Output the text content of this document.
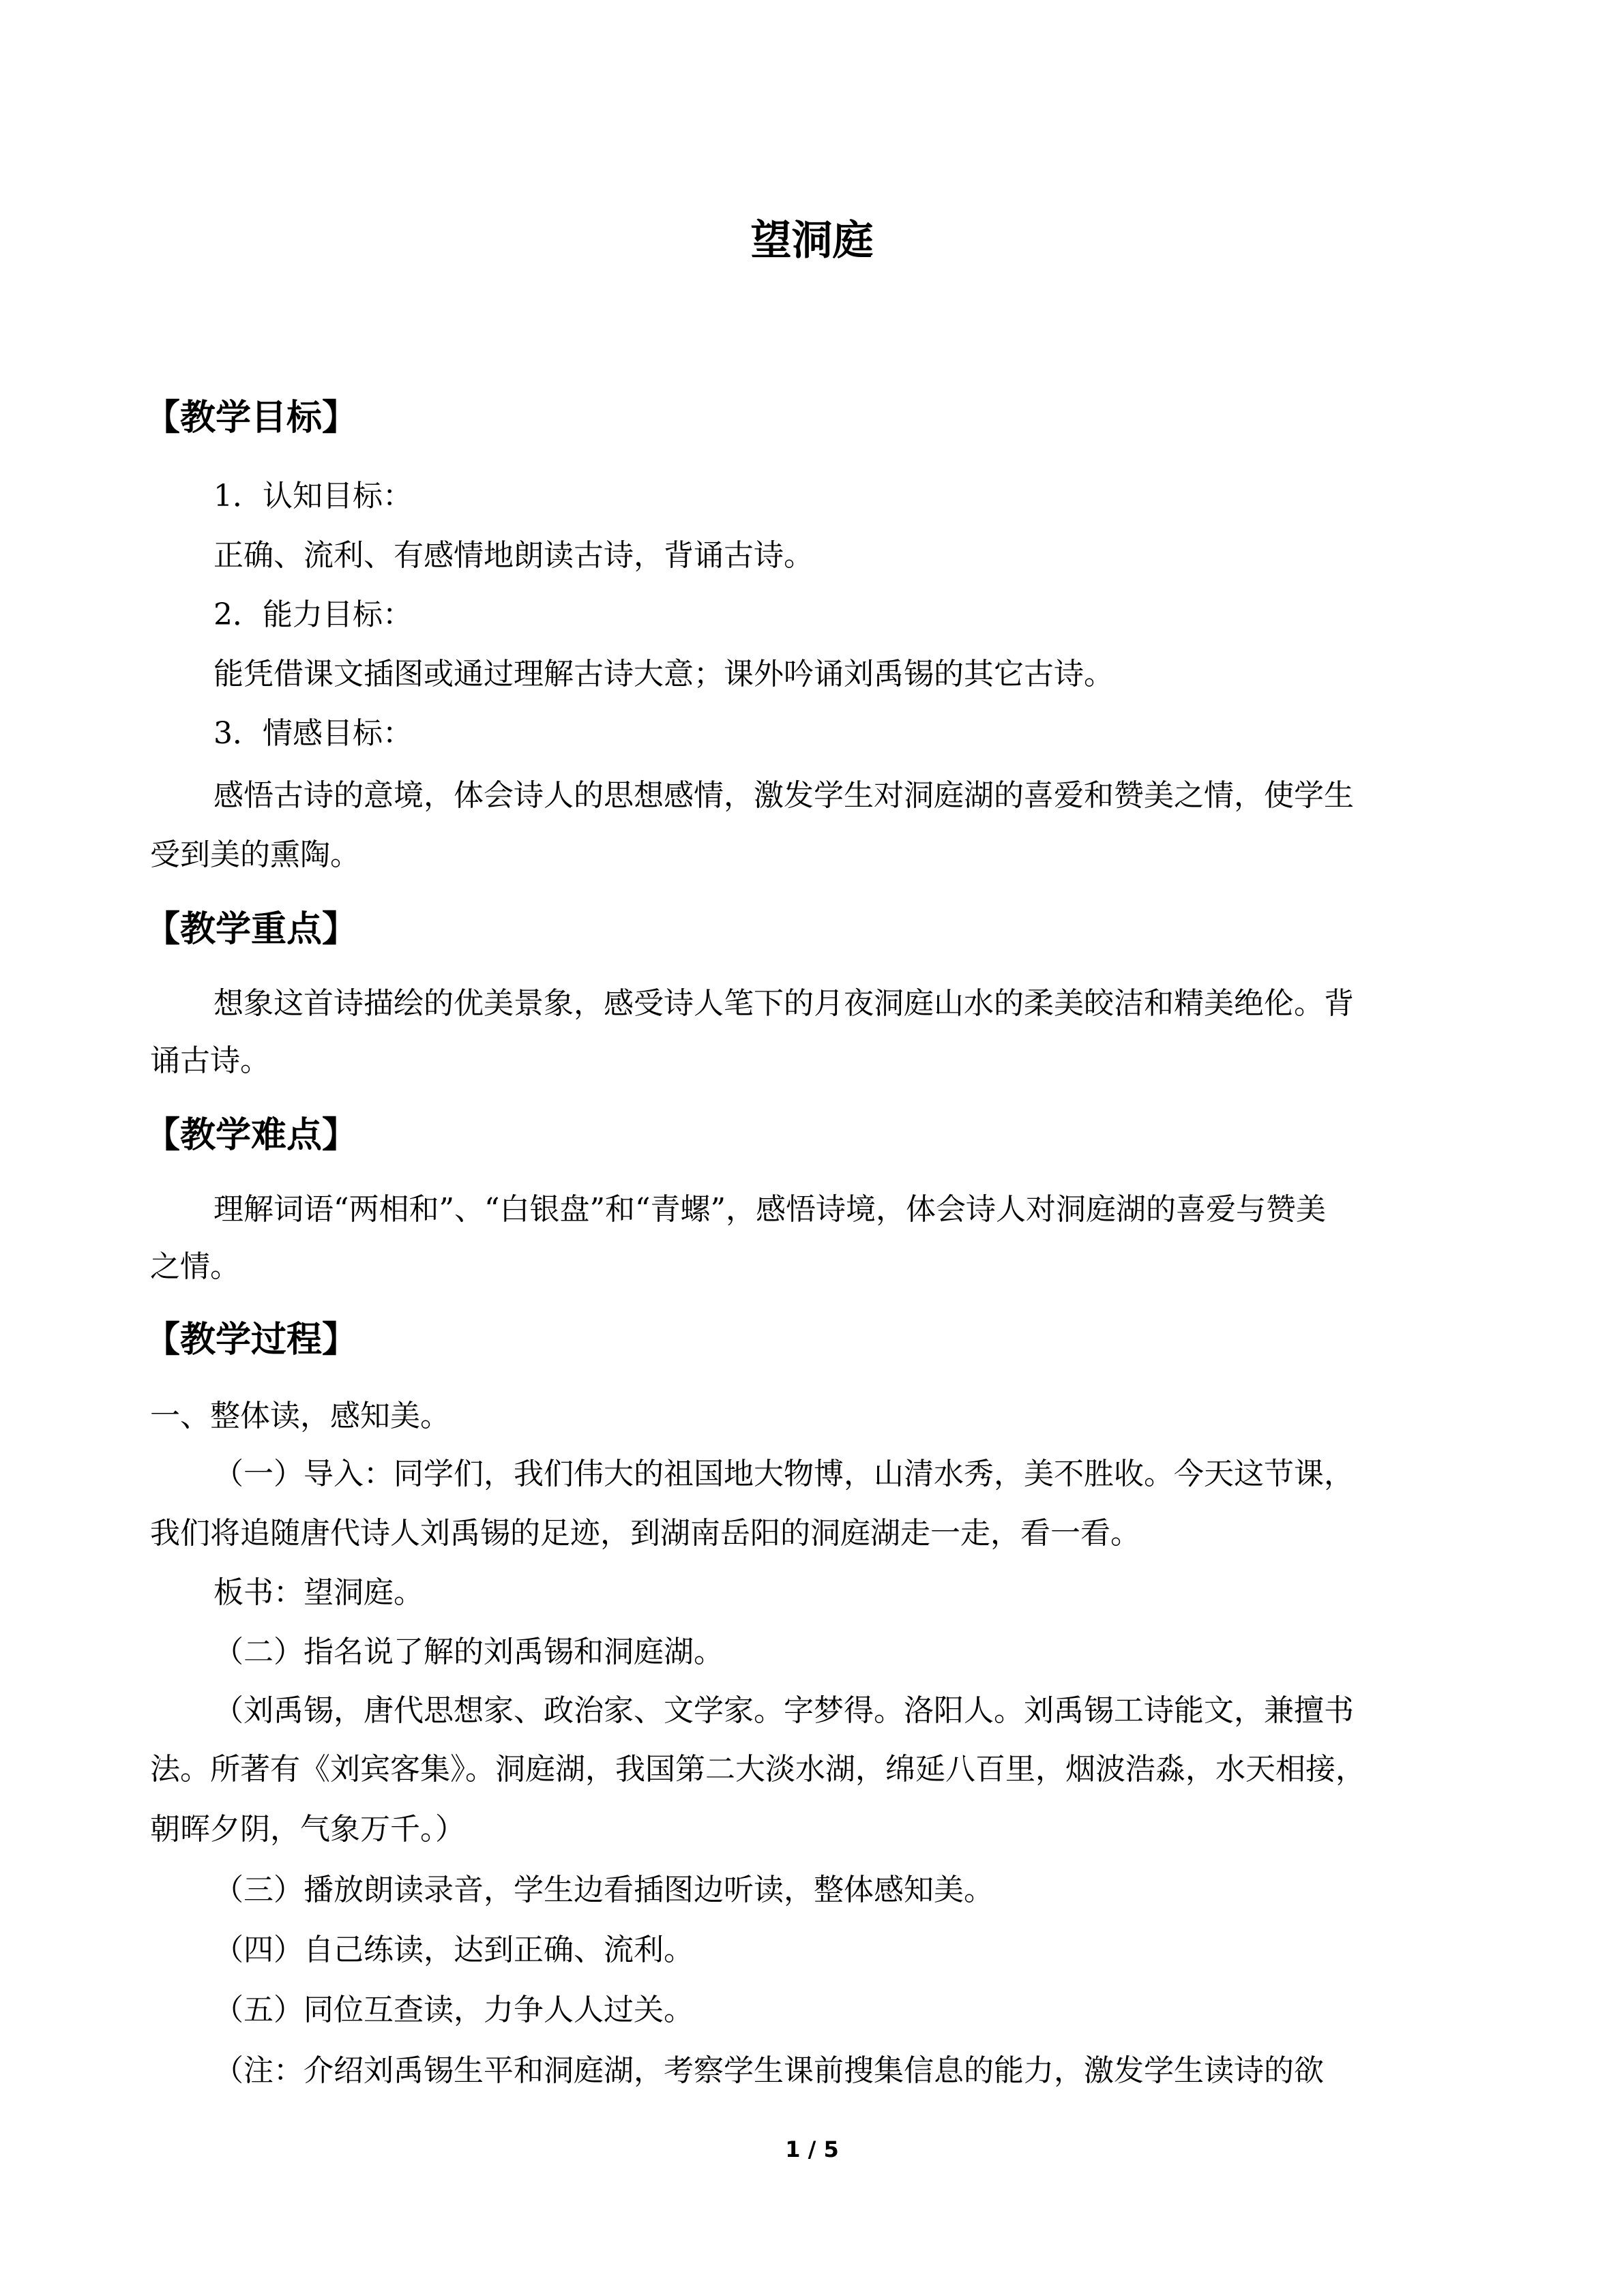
望洞庭
【教学目标】
1．认知目标：
正确、流利、有感情地朗读古诗，背诵古诗。
2．能力目标：
能凭借课文插图或通过理解古诗大意；课外吟诵刘禹锡的其它古诗。
3．情感目标：
感悟古诗的意境，体会诗人的思想感情，激发学生对洞庭湖的喜爱和赞美之情，使学生
受到美的熏陶。
【教学重点】
想象这首诗描绘的优美景象，感受诗人笔下的月夜洞庭山水的柔美皎洁和精美绝伦。背
诵古诗。
【教学难点】
理解词语“两相和”、“白银盘”和“青螺”，感悟诗境，体会诗人对洞庭湖的喜爱与赞美
之情。
【教学过程】
一、整体读，感知美。
（一）导入：同学们，我们伟大的祖国地大物博，山清水秀，美不胜收。今天这节课，
我们将追随唐代诗人刘禹锡的足迹，到湖南岳阳的洞庭湖走一走，看一看。
板书：望洞庭。
（二）指名说了解的刘禹锡和洞庭湖。
（刘禹锡，唐代思想家、政治家、文学家。字梦得。洛阳人。刘禹锡工诗能文，兼擅书
法。所著有《刘宾客集》。洞庭湖，我国第二大淡水湖，绵延八百里，烟波浩淼，水天相接，
朝晖夕阴，气象万千。）
（三）播放朗读录音，学生边看插图边听读，整体感知美。
（四）自己练读，达到正确、流利。
（五）同位互查读，力争人人过关。
（注：介绍刘禹锡生平和洞庭湖，考察学生课前搜集信息的能力，激发学生读诗的欲
1 / 5
